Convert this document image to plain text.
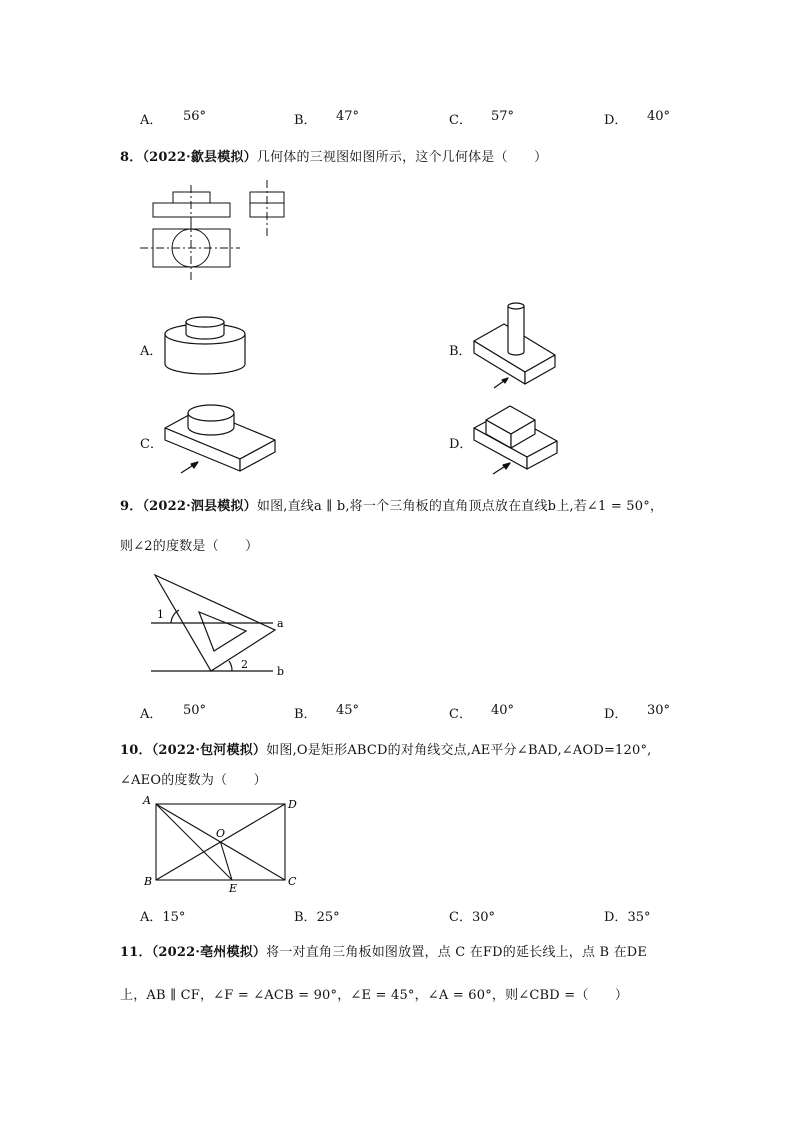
A． 56°	B． 47°	C． 57°	D． 40°
8．（2022·歙县模拟）几何体的三视图如图所示，这个几何体是（　　）
A．	B．
C．	D．
9．（2022·泗县模拟）如图,直线a ∥ b,将一个三角板的直角顶点放在直线b上,若∠1 = 50°，
则∠2的度数是（　　）
1
2
a
b
A． 50°	B． 45°	C． 40°	D． 30°
10．（2022·包河模拟）如图,O是矩形ABCD的对角线交点,AE平分∠BAD,∠AOD=120°,
∠AEO的度数为（　　）
A	D
O
B	C
E
A．15°	B．25°	C．30°	D．35°
11．（2022·亳州模拟）将一对直角三角板如图放置，点 C 在FD的延长线上，点 B 在DE
上，AB ∥ CF，∠F = ∠ACB = 90°，∠E = 45°，∠A = 60°，则∠CBD =（　　）
